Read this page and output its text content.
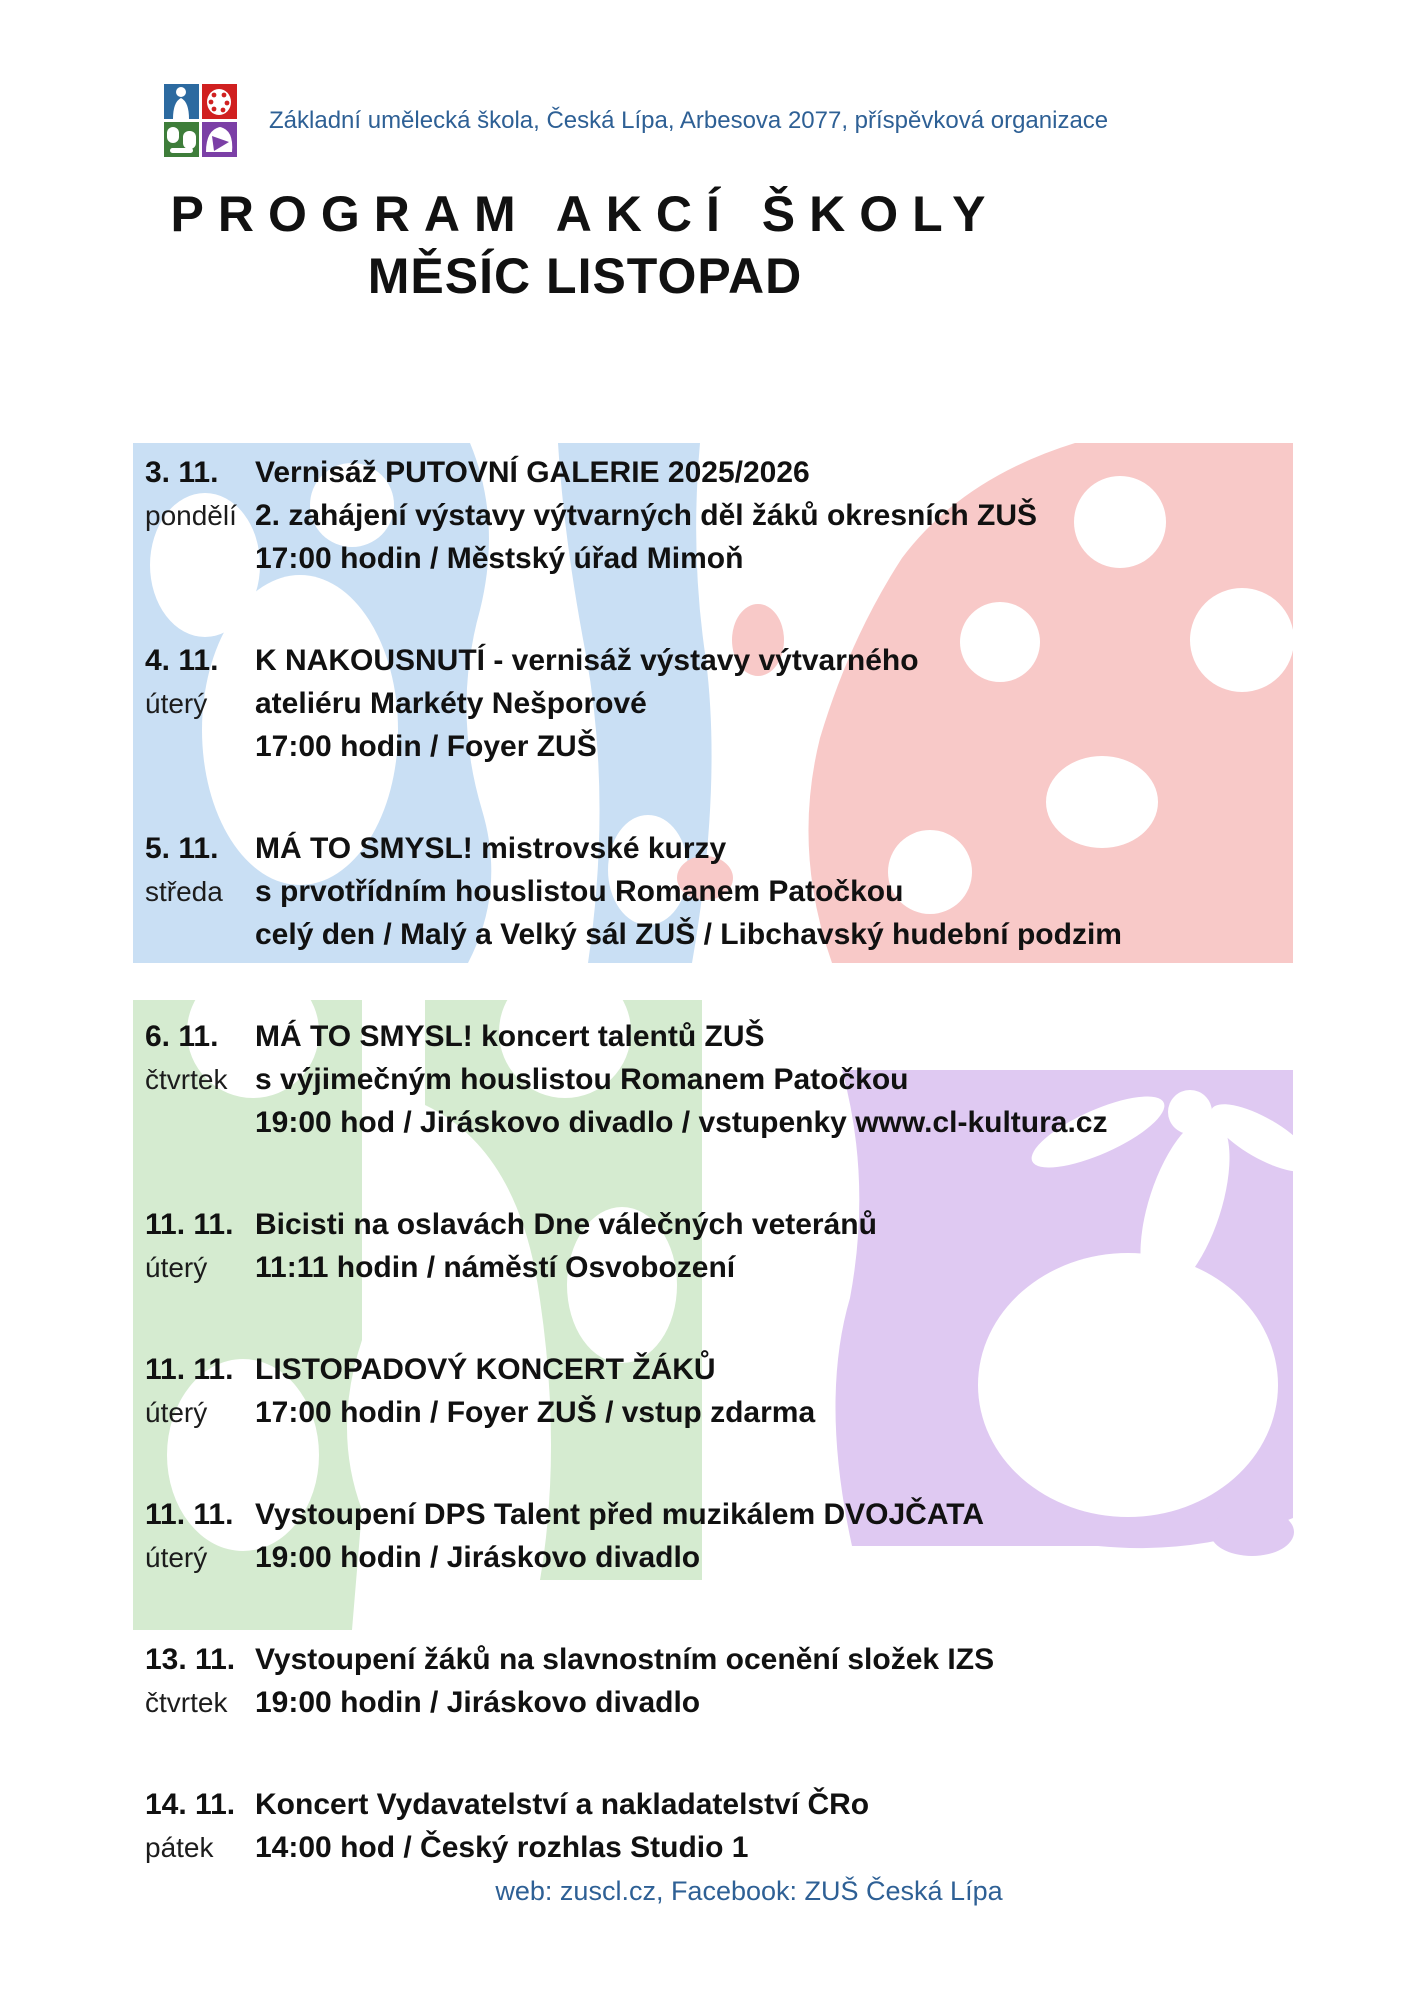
Základní umělecká škola, Česká Lípa, Arbesova 2077, příspěvková organizace
PROGRAM AKCÍ ŠKOLY
MĚSÍC LISTOPAD
3. 11.	Vernisáž PUTOVNÍ GALERIE 2025/2026
pondělí 2. zahájení výstavy výtvarných děl žáků okresních ZUŠ
17:00 hodin / Městský úřad Mimoň
4. 11.	K NAKOUSNUTÍ - vernisáž výstavy výtvarného
úterý	ateliéru Markéty Nešporové
17:00 hodin / Foyer ZUŠ
5. 11.	MÁ TO SMYSL! mistrovské kurzy
středa	s prvotřídním houslistou Romanem Patočkou
celý den / Malý a Velký sál ZUŠ / Libchavský hudební podzim
6. 11.	MÁ TO SMYSL! koncert talentů ZUŠ
čtvrtek s výjimečným houslistou Romanem Patočkou
19:00 hod / Jiráskovo divadlo / vstupenky www.cl-kultura.cz
11. 11. Bicisti na oslavách Dne válečných veteránů
úterý	11:11 hodin / náměstí Osvobození
11. 11. LISTOPADOVÝ KONCERT ŽÁKŮ
úterý	17:00 hodin / Foyer ZUŠ / vstup zdarma
11. 11. Vystoupení DPS Talent před muzikálem DVOJČATA
úterý	19:00 hodin / Jiráskovo divadlo
13. 11. Vystoupení žáků na slavnostním ocenění složek IZS
čtvrtek 19:00 hodin / Jiráskovo divadlo
14. 11. Koncert Vydavatelství a nakladatelství ČRo
pátek	14:00 hod / Český rozhlas Studio 1
web: zuscl.cz, Facebook: ZUŠ Česká Lípa
